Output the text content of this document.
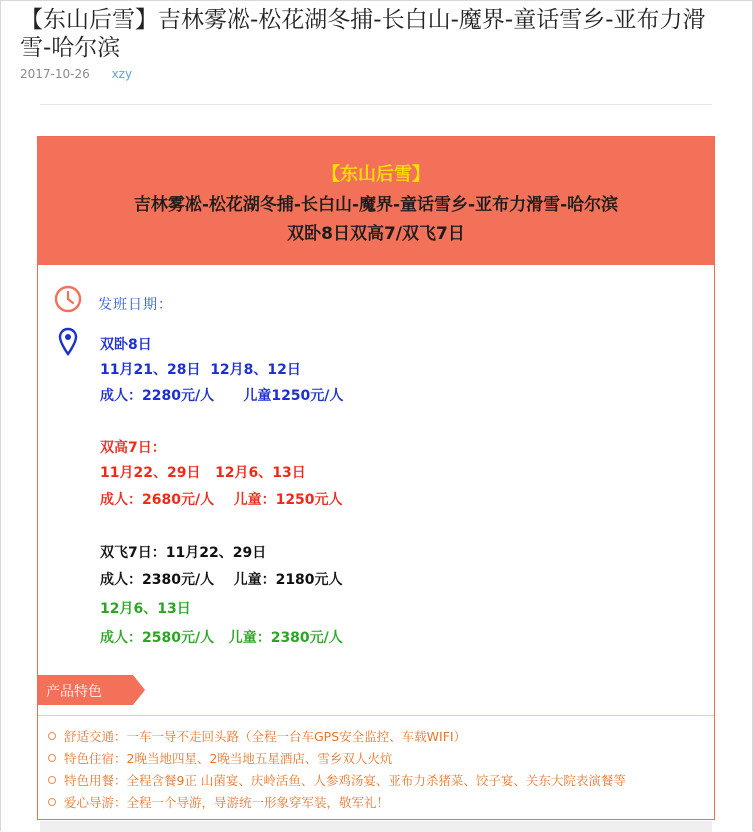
【东山后雪】吉林雾凇-松花湖冬捕-长白山-魔界-童话雪乡-亚布力滑雪-哈尔滨
2017-10-26 xzy
【东山后雪】
吉林雾凇-松花湖冬捕-长白山-魔界-童话雪乡-亚布力滑雪-哈尔滨
双卧8日双高7/双飞7日
发班日期：
双卧8日
11月21、28日  12月8、12日
成人：2280元/人      儿童1250元/人
双高7日：
11月22、29日   12月6、13日
成人：2680元/人    儿童：1250元人
双飞7日：11月22、29日
成人：2380元/人    儿童：2180元人
12月6、13日
成人：2580元/人   儿童：2380元/人
产品特色
舒适交通：一车一导不走回头路（全程一台车GPS安全监控、车载WIFI）
特色住宿：2晚当地四星、2晚当地五星酒店、雪乡双人火炕
特色用餐：全程含餐9正 山菌宴、庆岭活鱼、人参鸡汤宴、亚布力杀猪菜、饺子宴、关东大院表演餐等
爱心导游：全程一个导游，导游统一形象穿军装，敬军礼！
